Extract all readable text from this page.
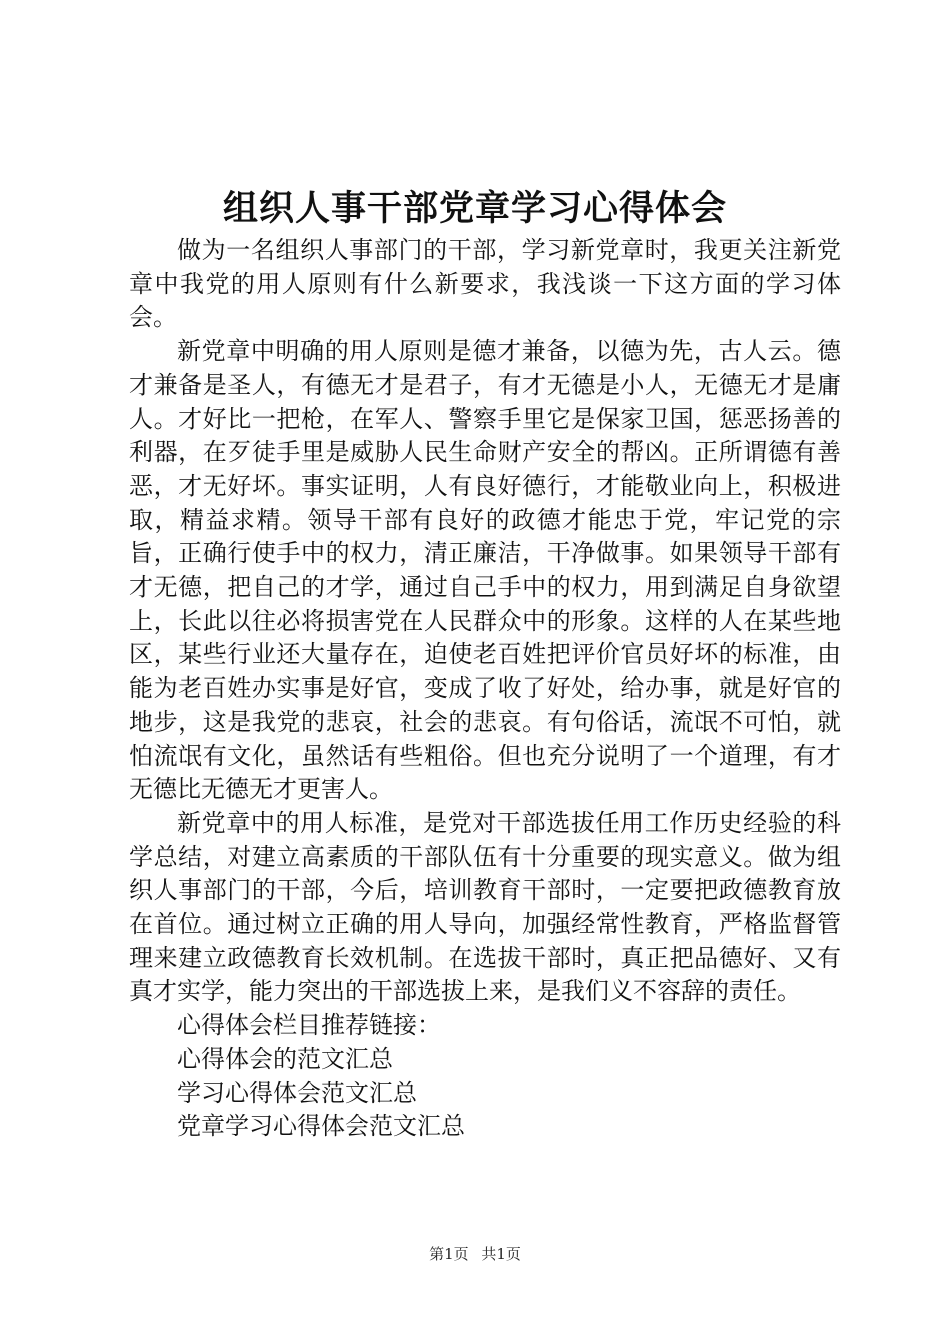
组织人事干部党章学习心得体会

做为一名组织人事部门的干部，学习新党章时，我更关注新党章中我党的用人原则有什么新要求，我浅谈一下这方面的学习体会。

新党章中明确的用人原则是德才兼备，以德为先，古人云。德才兼备是圣人，有德无才是君子，有才无德是小人，无德无才是庸人。才好比一把枪，在军人、警察手里它是保家卫国，惩恶扬善的利器，在歹徒手里是威胁人民生命财产安全的帮凶。正所谓德有善恶，才无好坏。事实证明，人有良好德行，才能敬业向上，积极进取，精益求精。领导干部有良好的政德才能忠于党，牢记党的宗旨，正确行使手中的权力，清正廉洁，干净做事。如果领导干部有才无德，把自己的才学，通过自己手中的权力，用到满足自身欲望上，长此以往必将损害党在人民群众中的形象。这样的人在某些地区，某些行业还大量存在，迫使老百姓把评价官员好坏的标准，由能为老百姓办实事是好官，变成了收了好处，给办事，就是好官的地步，这是我党的悲哀，社会的悲哀。有句俗话，流氓不可怕，就怕流氓有文化，虽然话有些粗俗。但也充分说明了一个道理，有才无德比无德无才更害人。

新党章中的用人标准，是党对干部选拔任用工作历史经验的科学总结，对建立高素质的干部队伍有十分重要的现实意义。做为组织人事部门的干部，今后，培训教育干部时，一定要把政德教育放在首位。通过树立正确的用人导向，加强经常性教育，严格监督管理来建立政德教育长效机制。在选拔干部时，真正把品德好、又有真才实学，能力突出的干部选拔上来，是我们义不容辞的责任。

心得体会栏目推荐链接：

心得体会的范文汇总

学习心得体会范文汇总

党章学习心得体会范文汇总

第1页 共1页
